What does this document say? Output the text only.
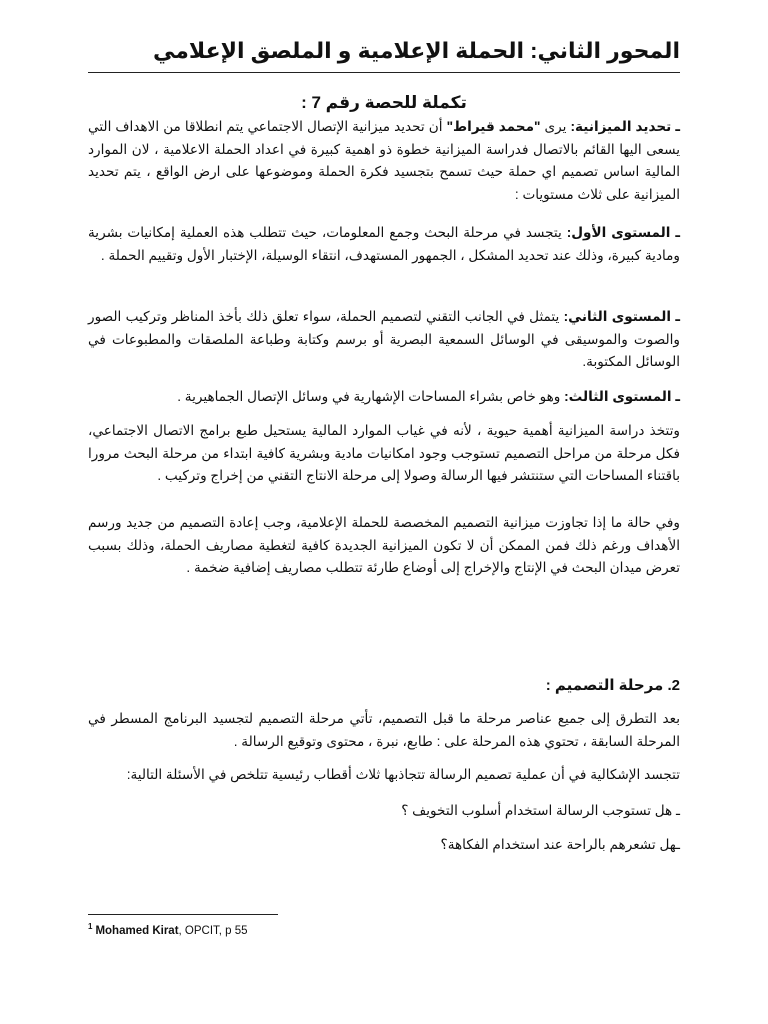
المحور الثاني: الحملة الإعلامية و الملصق الإعلامي
تكملة للحصة رقم 7 :

ـ تحديد الميزانية: يرى "محمد قيراط" أن تحديد ميزانية الإتصال الاجتماعي يتم انطلاقا من الاهداف التي يسعى اليها القائم بالاتصال فدراسة الميزانية خطوة ذو اهمية كبيرة في اعداد الحملة الاعلامية ، لان الموارد المالية اساس تصميم اي حملة حيث تسمح بتجسيد فكرة الحملة وموضوعها على ارض الواقع ، يتم تحديد الميزانية على ثلاث مستويات :

ـ المستوى الأول: يتجسد في مرحلة البحث وجمع المعلومات، حيث تتطلب هذه العملية إمكانيات بشرية ومادية كبيرة، وذلك عند تحديد المشكل ، الجمهور المستهدف، انتقاء الوسيلة، الإختبار الأول وتقييم الحملة .

ـ المستوى الثاني: يتمثل في الجانب التقني لتصميم الحملة، سواء تعلق ذلك بأخذ المناظر وتركيب الصور والصوت والموسيقى في الوسائل السمعية البصرية أو برسم وكتابة وطباعة الملصقات والمطبوعات في الوسائل المكتوبة.

ـ المستوى الثالث: وهو خاص بشراء المساحات الإشهارية في وسائل الإتصال الجماهيرية .

وتتخذ دراسة الميزانية أهمية حيوية ، لأنه في غياب الموارد المالية يستحيل طبع برامج الاتصال الاجتماعي، فكل مرحلة من مراحل التصميم تستوجب وجود امكانيات مادية وبشرية كافية ابتداء من مرحلة البحث مرورا باقتناء المساحات التي ستنتشر فيها الرسالة وصولا إلى مرحلة الانتاج التقني من إخراج وتركيب .

وفي حالة ما إذا تجاوزت ميزانية التصميم المخصصة للحملة الإعلامية، وجب إعادة التصميم من جديد ورسم الأهداف ورغم ذلك فمن الممكن أن لا تكون الميزانية الجديدة كافية لتغطية مصاريف الحملة، وذلك بسبب تعرض ميدان البحث في الإنتاج والإخراج إلى أوضاع طارئة تتطلب مصاريف إضافية ضخمة .

2. مرحلة التصميم :

بعد التطرق إلى جميع عناصر مرحلة ما قبل التصميم، تأتي مرحلة التصميم لتجسيد البرنامج المسطر في المرحلة السابقة ، تحتوي هذه المرحلة على : طابع، نبرة ، محتوى وتوقيع الرسالة .

تتجسد الإشكالية في أن عملية تصميم الرسالة تتجاذبها ثلاث أقطاب رئيسية تتلخص في الأسئلة التالية:

ـ هل تستوجب الرسالة استخدام أسلوب التخويف ؟
ـهل تشعرهم بالراحة عند استخدام الفكاهة؟
$^1$ Mohamed Kirat, OPCIT, p 55
